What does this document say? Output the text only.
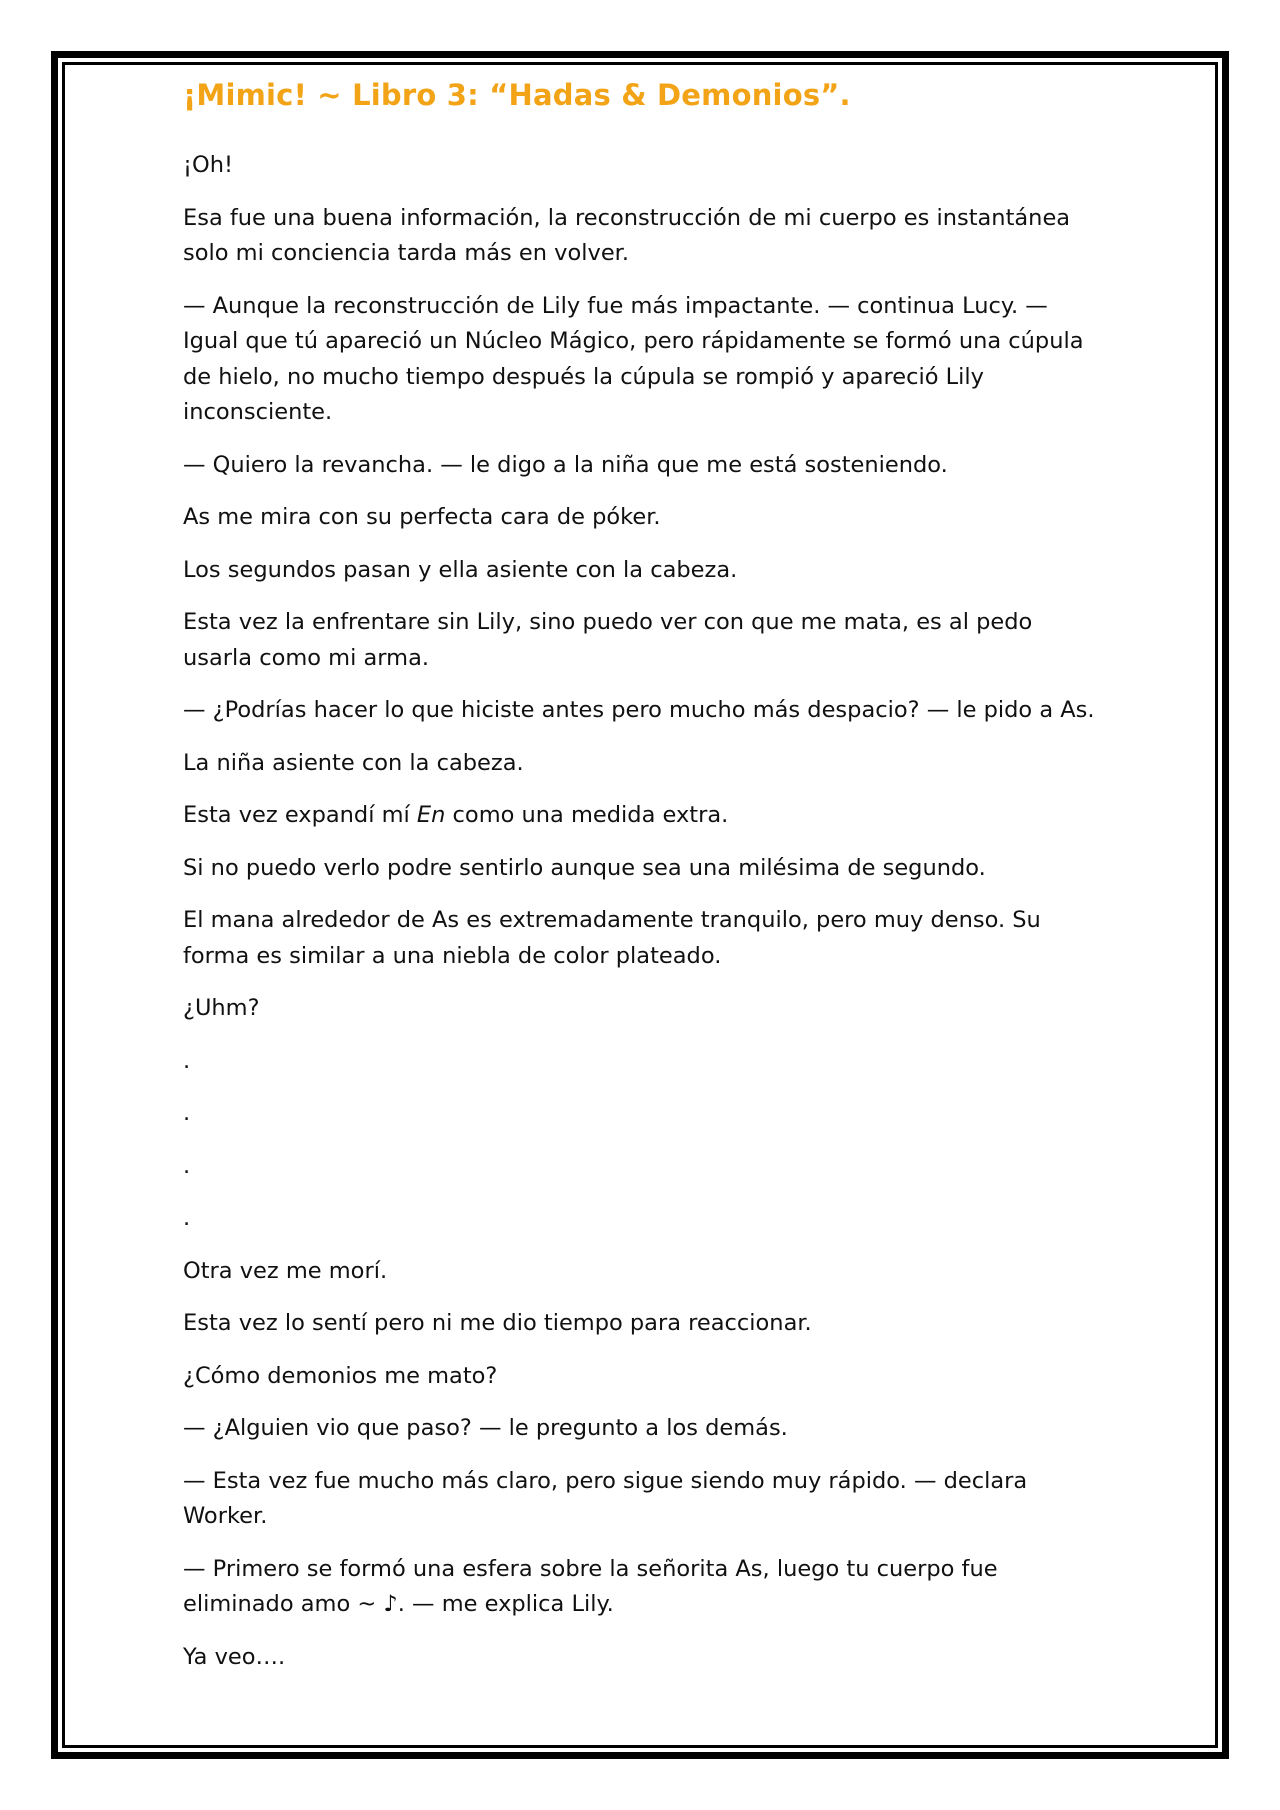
¡Mimic! ~ Libro 3: “Hadas & Demonios”.

¡Oh!

Esa fue una buena información, la reconstrucción de mi cuerpo es instantánea solo mi conciencia tarda más en volver.

— Aunque la reconstrucción de Lily fue más impactante. — continua Lucy. — Igual que tú apareció un Núcleo Mágico, pero rápidamente se formó una cúpula de hielo, no mucho tiempo después la cúpula se rompió y apareció Lily inconsciente.

— Quiero la revancha. — le digo a la niña que me está sosteniendo.

As me mira con su perfecta cara de póker.

Los segundos pasan y ella asiente con la cabeza.

Esta vez la enfrentare sin Lily, sino puedo ver con que me mata, es al pedo usarla como mi arma.

— ¿Podrías hacer lo que hiciste antes pero mucho más despacio? — le pido a As.

La niña asiente con la cabeza.

Esta vez expandí mí En como una medida extra.

Si no puedo verlo podre sentirlo aunque sea una milésima de segundo.

El mana alrededor de As es extremadamente tranquilo, pero muy denso. Su forma es similar a una niebla de color plateado.

¿Uhm?

.

.

.

.

Otra vez me morí.

Esta vez lo sentí pero ni me dio tiempo para reaccionar.

¿Cómo demonios me mato?

— ¿Alguien vio que paso? — le pregunto a los demás.

— Esta vez fue mucho más claro, pero sigue siendo muy rápido. — declara Worker.

— Primero se formó una esfera sobre la señorita As, luego tu cuerpo fue eliminado amo ~ ♪. — me explica Lily.

Ya veo….
